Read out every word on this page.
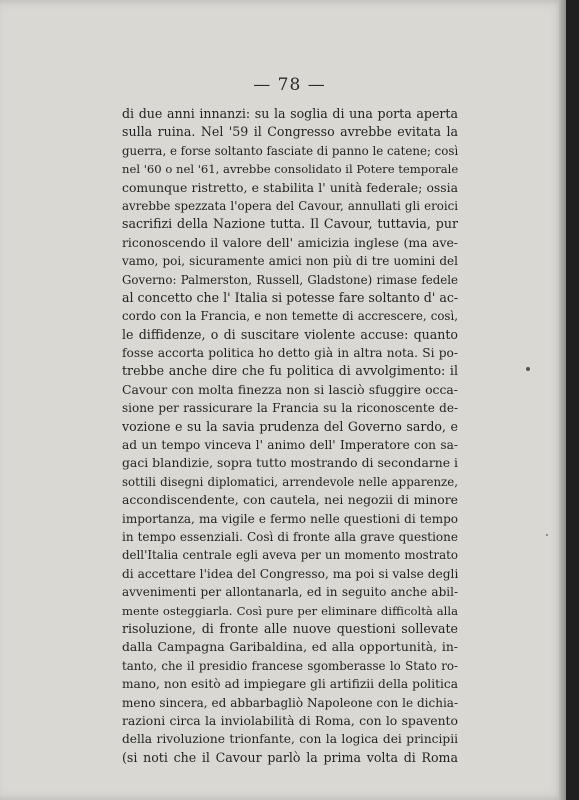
— 78 —
di due anni innanzi: su la soglia di una porta aperta
sulla ruina. Nel '59 il Congresso avrebbe evitata la
guerra, e forse soltanto fasciate di panno le catene; così
nel '60 o nel '61, avrebbe consolidato il Potere temporale
comunque ristretto, e stabilita l' unità federale; ossia
avrebbe spezzata l'opera del Cavour, annullati gli eroici
sacrifizi della Nazione tutta. Il Cavour, tuttavia, pur
riconoscendo il valore dell' amicizia inglese (ma ave-
vamo, poi, sicuramente amici non più di tre uomini del
Governo: Palmerston, Russell, Gladstone) rimase fedele
al concetto che l' Italia si potesse fare soltanto d' ac-
cordo con la Francia, e non temette di accrescere, così,
le diffidenze, o di suscitare violente accuse: quanto
fosse accorta politica ho detto già in altra nota. Si po-
trebbe anche dire che fu politica di avvolgimento: il
Cavour con molta finezza non si lasciò sfuggire occa-
sione per rassicurare la Francia su la riconoscente de-
vozione e su la savia prudenza del Governo sardo, e
ad un tempo vinceva l' animo dell' Imperatore con sa-
gaci blandizie, sopra tutto mostrando di secondarne i
sottili disegni diplomatici, arrendevole nelle apparenze,
accondiscendente, con cautela, nei negozii di minore
importanza, ma vigile e fermo nelle questioni di tempo
in tempo essenziali. Così di fronte alla grave questione
dell'Italia centrale egli aveva per un momento mostrato
di accettare l'idea del Congresso, ma poi si valse degli
avvenimenti per allontanarla, ed in seguito anche abil-
mente osteggiarla. Così pure per eliminare difficoltà alla
risoluzione, di fronte alle nuove questioni sollevate
dalla Campagna Garibaldina, ed alla opportunità, in-
tanto, che il presidio francese sgomberasse lo Stato ro-
mano, non esitò ad impiegare gli artifizii della politica
meno sincera, ed abbarbagliò Napoleone con le dichia-
razioni circa la inviolabilità di Roma, con lo spavento
della rivoluzione trionfante, con la logica dei principii
(si noti che il Cavour parlò la prima volta di Roma
